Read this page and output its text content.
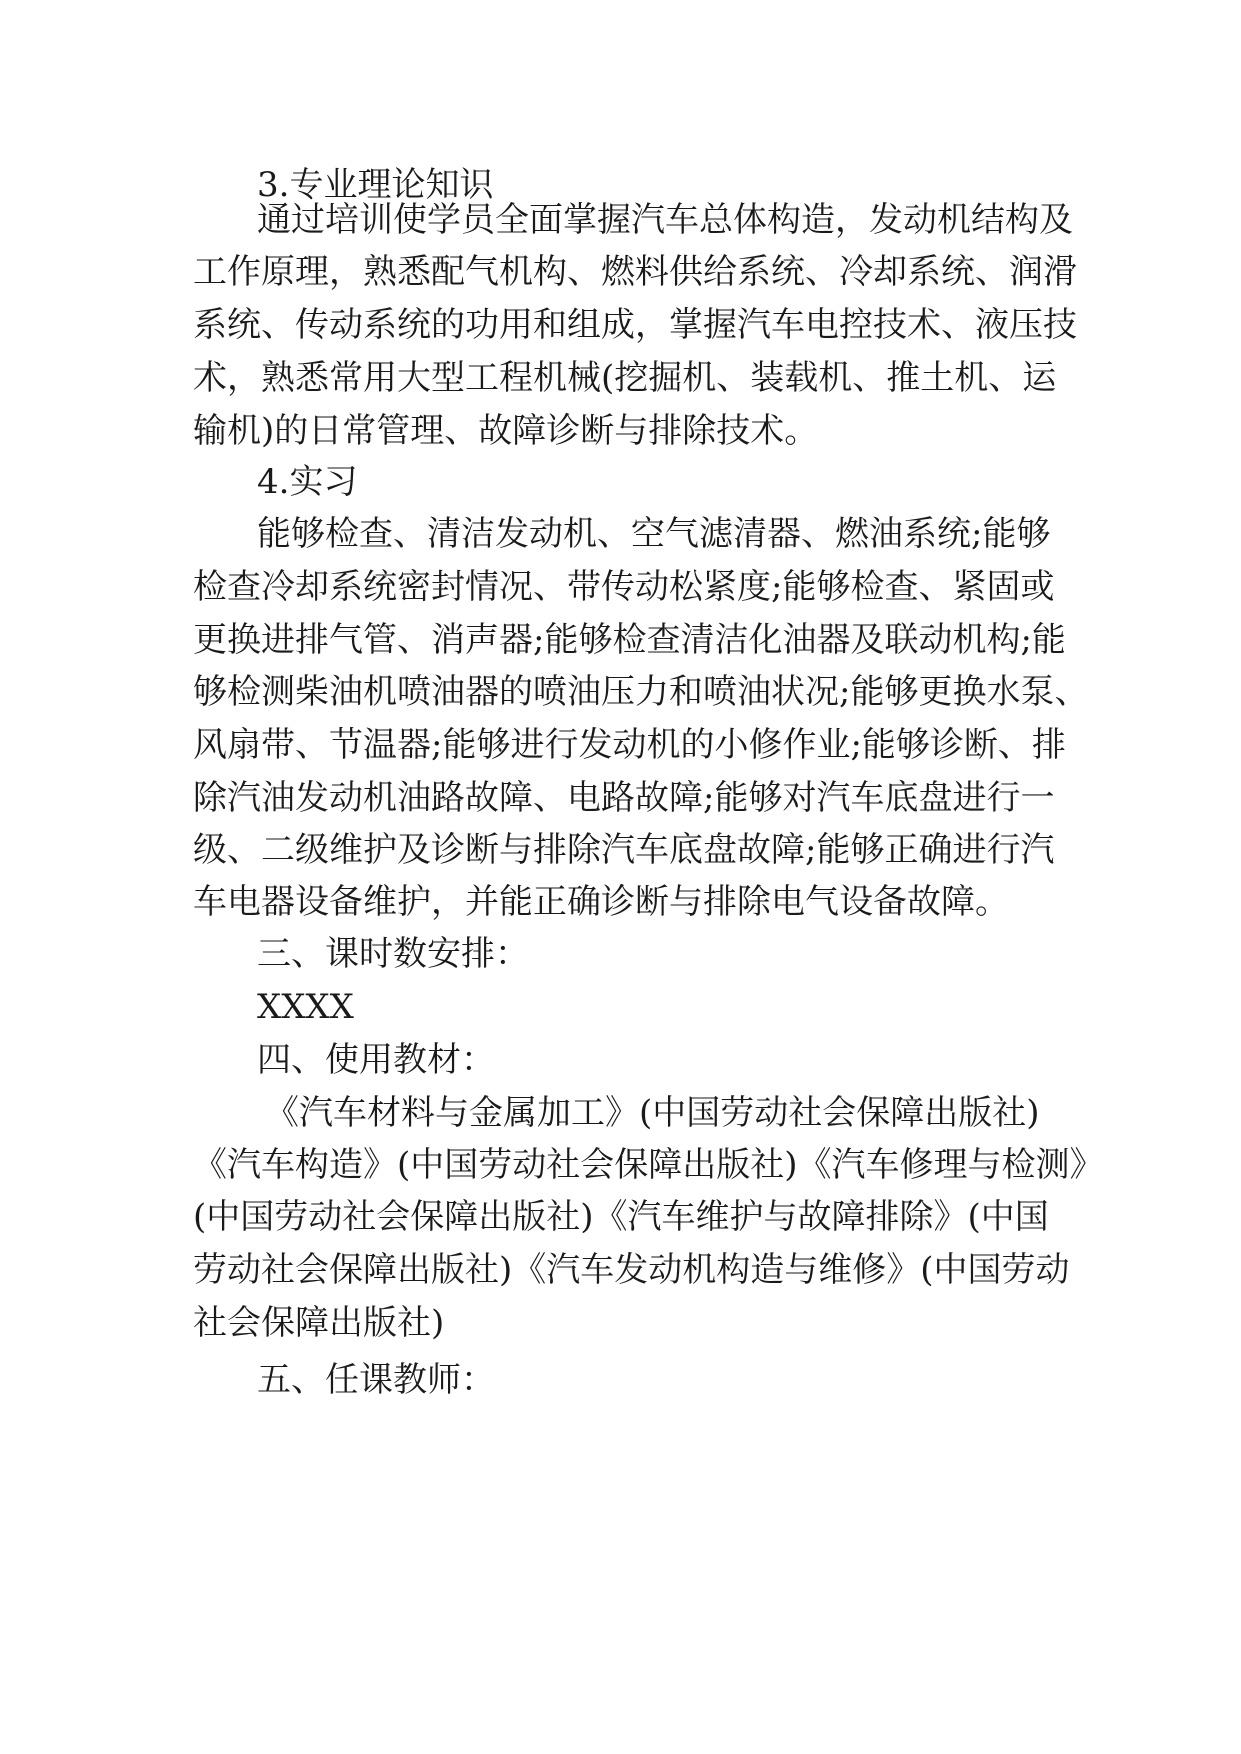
3.专业理论知识
通过培训使学员全面掌握汽车总体构造，发动机结构及
工作原理，熟悉配气机构、燃料供给系统、冷却系统、润滑
系统、传动系统的功用和组成，掌握汽车电控技术、液压技
术，熟悉常用大型工程机械(挖掘机、装载机、推土机、运
输机)的日常管理、故障诊断与排除技术。
4.实习
能够检查、清洁发动机、空气滤清器、燃油系统;能够
检查冷却系统密封情况、带传动松紧度;能够检查、紧固或
更换进排气管、消声器;能够检查清洁化油器及联动机构;能
够检测柴油机喷油器的喷油压力和喷油状况;能够更换水泵、
风扇带、节温器;能够进行发动机的小修作业;能够诊断、排
除汽油发动机油路故障、电路故障;能够对汽车底盘进行一
级、二级维护及诊断与排除汽车底盘故障;能够正确进行汽
车电器设备维护，并能正确诊断与排除电气设备故障。
三、课时数安排：
XXXX
四、使用教材：
《汽车材料与金属加工》(中国劳动社会保障出版社)
《汽车构造》(中国劳动社会保障出版社)《汽车修理与检测》
(中国劳动社会保障出版社)《汽车维护与故障排除》(中国
劳动社会保障出版社)《汽车发动机构造与维修》(中国劳动
社会保障出版社)
五、任课教师：
